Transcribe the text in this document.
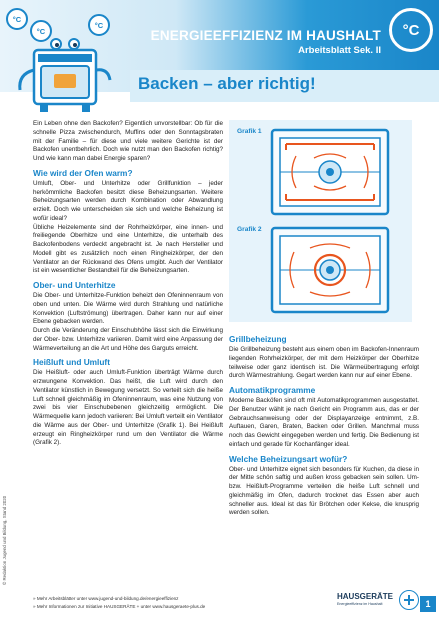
°C
°C
°C
ENERGIEEFFIZIENZ IM HAUSHALT
Arbeitsblatt Sek. II
°C
Backen – aber richtig!

Ein Leben ohne den Backofen? Eigentlich unvorstellbar: Ob für die schnelle Pizza zwischendurch, Muffins oder den Sonntagsbraten mit der Familie – für diese und viele weitere Gerichte ist der Backofen unentbehrlich. Doch wie nutzt man den Backofen richtig? Und wie kann man dabei Energie sparen?

Wie wird der Ofen warm?

Umluft, Ober- und Unterhitze oder Grillfunktion – jeder herkömmliche Backofen besitzt diese Beheizungsarten. Weitere Beheizungsarten werden durch Kombination oder Abwandlung erzielt. Doch wie unterscheiden sie sich und welche Beheizung ist wofür ideal?

Übliche Heizelemente sind der Rohrheizkörper, eine innen- und freiliegende Oberhitze und eine Unterhitze, die unterhalb des Backofenbodens verdeckt angebracht ist. Je nach Hersteller und Modell gibt es zusätzlich noch einen Ringheizkörper, der den Ventilator an der Rückwand des Ofens umgibt. Auch der Ventilator ist ein wesentlicher Bestandteil für die Beheizungsarten.

Ober- und Unterhitze

Die Ober- und Unterhitze-Funktion beheizt den Ofeninnenraum von oben und unten. Die Wärme wird durch Strahlung und natürliche Konvektion (Luftströmung) übertragen. Daher kann nur auf einer Ebene gebacken werden.

Durch die Veränderung der Einschubhöhe lässt sich die Einwirkung der Ober- bzw. Unterhitze variieren. Damit wird eine Anpassung der Wärmeverteilung an die Art und Höhe des Garguts erreicht.

Heißluft und Umluft

Die Heißluft- oder auch Umluft-Funktion überträgt Wärme durch erzwungene Konvektion. Das heißt, die Luft wird durch den Ventilator künstlich in Bewegung versetzt. So verteilt sich die heiße Luft schnell gleichmäßig im Ofeninnenraum, was eine Nutzung von zwei bis vier Einschubebenen gleichzeitig ermöglicht. Die Wärmequelle kann jedoch variieren: Bei Umluft verteilt ein Ventilator die Wärme aus der Ober- und Unterhitze (Grafik 1). Bei Heißluft erzeugt ein Ringheizkörper rund um den Ventilator die Wärme (Grafik 2).

Grafik 1
Grafik 2
Grillbeheizung

Die Grillbeheizung besteht aus einem oben im Backofen-Innenraum liegenden Rohrheizkörper, der mit dem Heizkörper der Oberhitze teilweise oder ganz identisch ist. Die Wärmeübertragung erfolgt durch Wärmestrahlung. Gegart werden kann nur auf einer Ebene.

Automatikprogramme

Moderne Backöfen sind oft mit Automatikprogrammen ausgestattet. Der Benutzer wählt je nach Gericht ein Programm aus, das er der Gebrauchsanweisung oder der Displayanzeige entnimmt, z.B. Auftauen, Garen, Braten, Backen oder Grillen. Manchmal muss noch das Gewicht eingegeben werden und fertig. Die Bedienung ist einfach und gerade für Kochanfänger ideal.

Welche Beheizungsart wofür?

Ober- und Unterhitze eignet sich besonders für Kuchen, da diese in der Mitte schön saftig und außen kross gebacken sein sollen. Um- bzw. Heißluft-Programme verteilen die heiße Luft schnell und gleichmäßig im Ofen, dadurch trocknet das Essen aber auch schneller aus. Ideal ist das für Brötchen oder Kekse, die knusprig werden sollen.

© Redaktion Jugend und Bildung, Stand 2020
» Mehr Arbeitsblätter unter www.jugend-und-bildung.de/energieeffizienz
» Mehr Informationen zur Initiative HAUSGERÄTE + unter www.hausgeraete-plus.de
HAUSGERÄTE
Energieeffizienz im Haushalt	1
